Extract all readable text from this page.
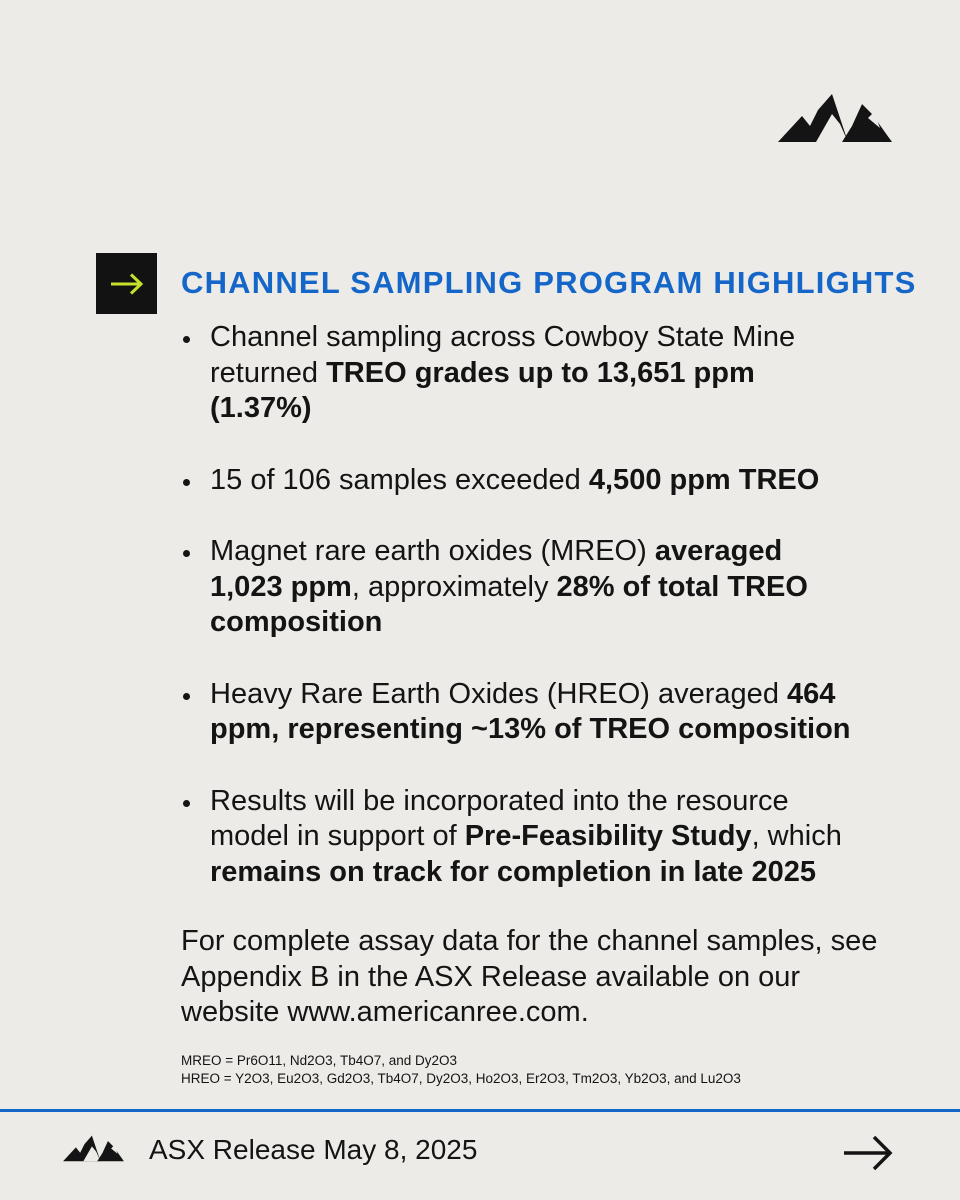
CHANNEL SAMPLING PROGRAM HIGHLIGHTS
Channel sampling across Cowboy State Mine returned TREO grades up to 13,651 ppm (1.37%)
15 of 106 samples exceeded 4,500 ppm TREO
Magnet rare earth oxides (MREO) averaged 1,023 ppm, approximately 28% of total TREO composition
Heavy Rare Earth Oxides (HREO) averaged 464 ppm, representing ~13% of TREO composition
Results will be incorporated into the resource model in support of Pre-Feasibility Study, which remains on track for completion in late 2025

For complete assay data for the channel samples, see Appendix B in the ASX Release available on our website www.americanree.com.

MREO = Pr6O11, Nd2O3, Tb4O7, and Dy2O3

HREO = Y2O3, Eu2O3, Gd2O3, Tb4O7, Dy2O3, Ho2O3, Er2O3, Tm2O3, Yb2O3, and Lu2O3

ASX Release May 8, 2025
